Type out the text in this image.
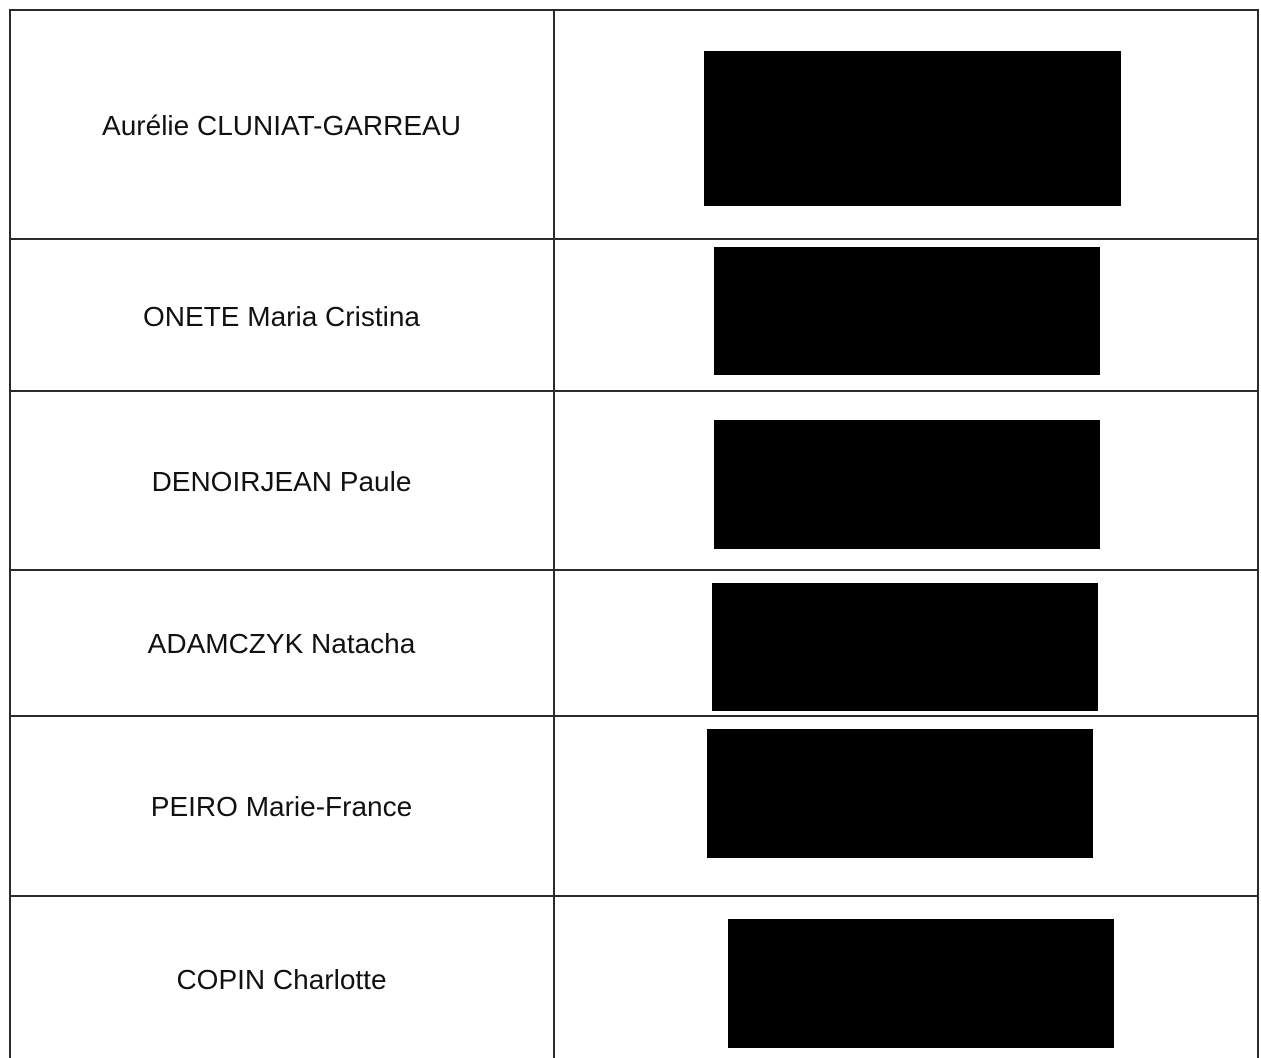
Aurélie CLUNIAT-GARREAU
ONETE Maria Cristina
DENOIRJEAN Paule
ADAMCZYK Natacha
PEIRO Marie-France
COPIN Charlotte
